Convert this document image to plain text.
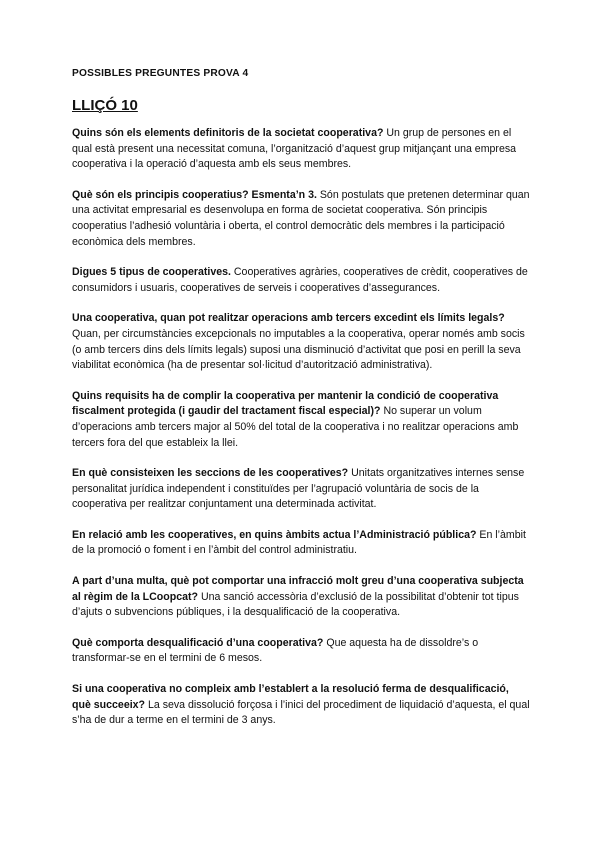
POSSIBLES PREGUNTES PROVA 4
LLIÇÓ 10

Quins són els elements definitoris de la societat cooperativa? Un grup de persones en el qual està present una necessitat comuna, l’organització d’aquest grup mitjançant una empresa cooperativa i la operació d’aquesta amb els seus membres.

Què són els principis cooperatius? Esmenta’n 3. Són postulats que pretenen determinar quan una activitat empresarial es desenvolupa en forma de societat cooperativa. Són principis cooperatius l’adhesió voluntària i oberta, el control democràtic dels membres i la participació econòmica dels membres.

Digues 5 tipus de cooperatives. Cooperatives agràries, cooperatives de crèdit, cooperatives de consumidors i usuaris, cooperatives de serveis i cooperatives d’assegurances.

Una cooperativa, quan pot realitzar operacions amb tercers excedint els límits legals? Quan, per circumstàncies excepcionals no imputables a la cooperativa, operar només amb socis (o amb tercers dins dels límits legals) suposi una disminució d’activitat que posi en perill la seva viabilitat econòmica (ha de presentar sol·licitud d’autorització administrativa).

Quins requisits ha de complir la cooperativa per mantenir la condició de cooperativa fiscalment protegida (i gaudir del tractament fiscal especial)? No superar un volum d’operacions amb tercers major al 50% del total de la cooperativa i no realitzar operacions amb tercers fora del que estableix la llei.

En què consisteixen les seccions de les cooperatives? Unitats organitzatives internes sense personalitat jurídica independent i constituïdes per l’agrupació voluntària de socis de la cooperativa per realitzar conjuntament una determinada activitat.

En relació amb les cooperatives, en quins àmbits actua l’Administració pública? En l’àmbit de la promoció o foment i en l’àmbit del control administratiu.

A part d’una multa, què pot comportar una infracció molt greu d’una cooperativa subjecta al règim de la LCoopcat? Una sanció accessòria d’exclusió de la possibilitat d’obtenir tot tipus d’ajuts o subvencions públiques, i la desqualificació de la cooperativa.

Què comporta desqualificació d’una cooperativa? Que aquesta ha de dissoldre’s o transformar-se en el termini de 6 mesos.

Si una cooperativa no compleix amb l’establert a la resolució ferma de desqualificació, què succeeix? La seva dissolució forçosa i l’inici del procediment de liquidació d’aquesta, el qual s’ha de dur a terme en el termini de 3 anys.
